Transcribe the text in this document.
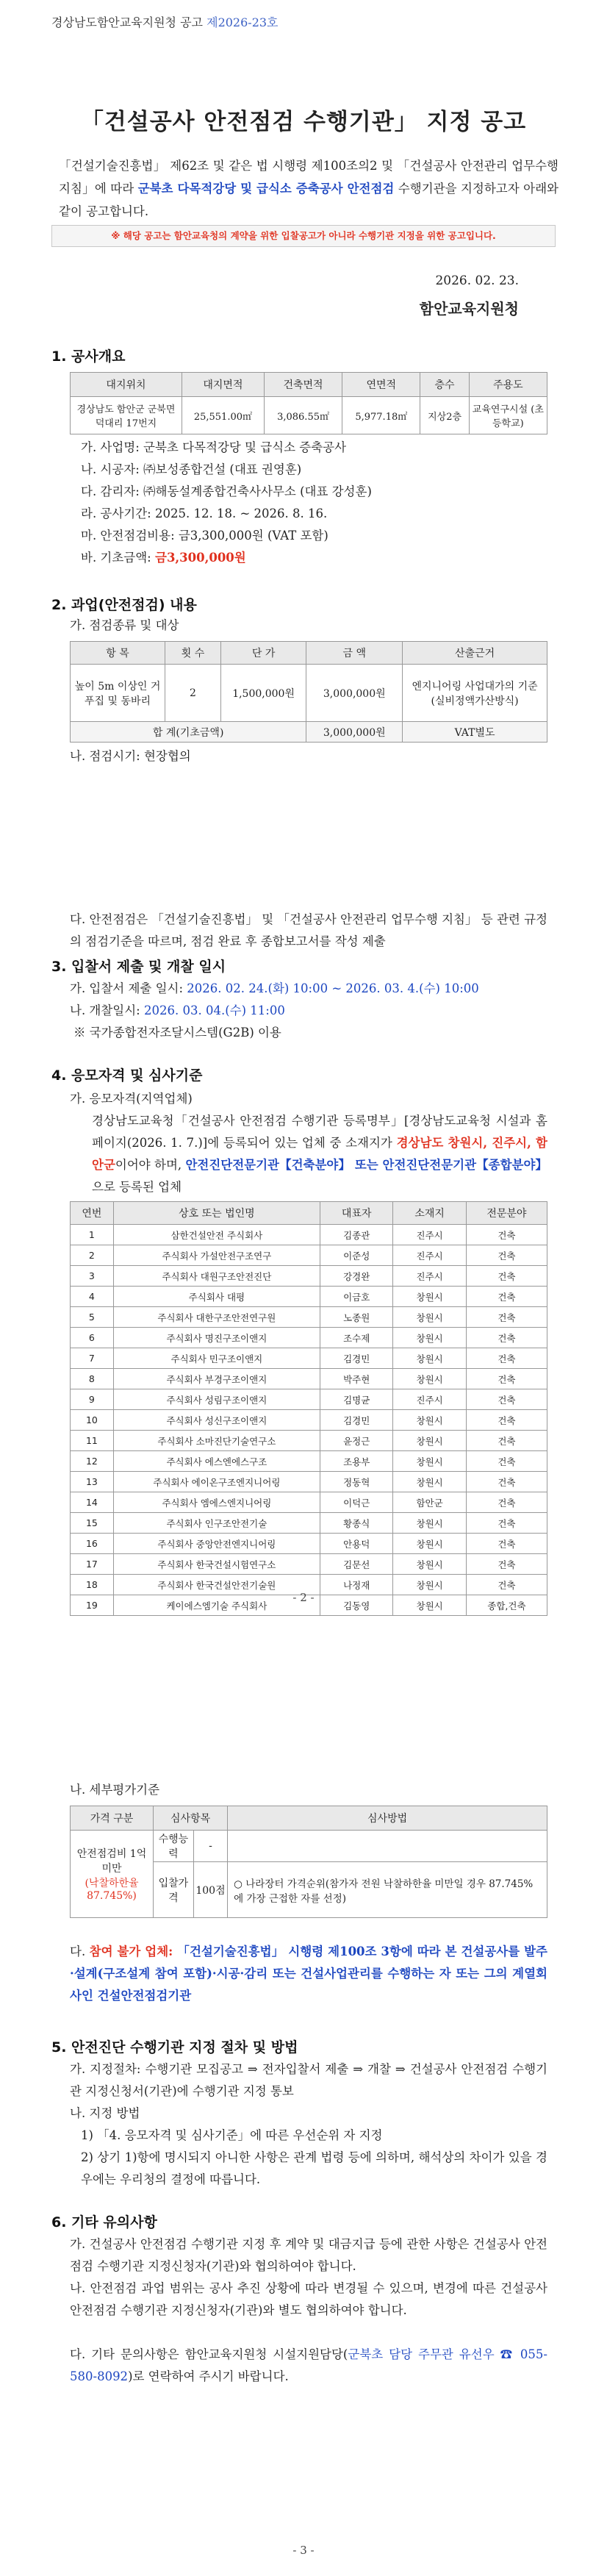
경상남도함안교육지원청 공고 제2026-23호
「건설공사 안전점검 수행기관」 지정 공고
「건설기술진흥법」 제62조 및 같은 법 시행령 제100조의2 및 「건설공사 안전관리 업무수행 지침」에 따라 군북초 다목적강당 및 급식소 증축공사 안전점검 수행기관을 지정하고자 아래와 같이 공고합니다.
※ 해당 공고는 함안교육청의 계약을 위한 입찰공고가 아니라 수행기관 지정을 위한 공고입니다.
2026. 02. 23.
함안교육지원청
1. 공사개요
대지위치	대지면적	건축면적	연면적	층수	주용도
경상남도 함안군 군북면 덕대리 17번지	25,551.00㎡	3,086.55㎡	5,977.18㎡	지상2층	교육연구시설 (초등학교)
가. 사업명: 군북초 다목적강당 및 급식소 증축공사
나. 시공자: ㈜보성종합건설 (대표 권영훈)
다. 감리자: ㈜해동설계종합건축사사무소 (대표 강성훈)
라. 공사기간: 2025. 12. 18. ~ 2026. 8. 16.
마. 안전점검비용: 금3,300,000원 (VAT 포함)
바. 기초금액: 금3,300,000원
2. 과업(안전점검) 내용
가. 점검종류 및 대상
항 목	횟 수	단 가	금 액	산출근거
높이 5m 이상인 거푸집 및 동바리	2	1,500,000원	3,000,000원	엔지니어링 사업대가의 기준 (실비정액가산방식)
합 계(기초금액)			3,000,000원	VAT별도
나. 점검시기: 현장협의
다. 안전점검은 「건설기술진흥법」 및 「건설공사 안전관리 업무수행 지침」 등 관련 규정의 점검기준을 따르며, 점검 완료 후 종합보고서를 작성 제출
3. 입찰서 제출 및 개찰 일시
가. 입찰서 제출 일시: 2026. 02. 24.(화) 10:00 ~ 2026. 03. 4.(수) 10:00
나. 개찰일시: 2026. 03. 04.(수) 11:00
※ 국가종합전자조달시스템(G2B) 이용
4. 응모자격 및 심사기준
가. 응모자격(지역업체)
경상남도교육청「건설공사 안전점검 수행기관 등록명부」[경상남도교육청 시설과 홈페이지(2026. 1. 7.)]에 등록되어 있는 업체 중 소재지가 경상남도 창원시, 진주시, 함안군이어야 하며, 안전진단전문기관【건축분야】 또는 안전진단전문기관【종합분야】으로 등록된 업체
연번	상호 또는 법인명	대표자	소재지	전문분야
1	삼한건설안전 주식회사	김종관	진주시	건축
2	주식회사 가설안전구조연구	이준성	진주시	건축
3	주식회사 대원구조안전진단	강경완	진주시	건축
4	주식회사 대평	이금호	창원시	건축
5	주식회사 대한구조안전연구원	노종원	창원시	건축
6	주식회사 명진구조이앤지	조수제	창원시	건축
7	주식회사 민구조이앤지	김경민	창원시	건축
8	주식회사 부경구조이앤지	박주현	창원시	건축
9	주식회사 성림구조이앤지	김명균	진주시	건축
10	주식회사 성신구조이앤지	김경민	창원시	건축
11	주식회사 소마진단기술연구소	윤정근	창원시	건축
12	주식회사 에스엔에스구조	조용부	창원시	건축
13	주식회사 에이온구조엔지니어링	정동혁	창원시	건축
14	주식회사 엠에스엔지니어링	이덕근	함안군	건축
15	주식회사 인구조안전기술	황종식	창원시	건축
16	주식회사 중앙안전엔지니어링	안용덕	창원시	건축
17	주식회사 한국건설시험연구소	김문선	창원시	건축
18	주식회사 한국건설안전기술원	나정재	창원시	건축
19	케이에스엠기술 주식회사	김동영	창원시	종합,건축
- 2 -
나. 세부평가기준
가격 구분	심사항목		심사방법
안전점검비 1억 미만
(낙찰하한율 87.745%)	수행능력	-	
	입찰가격	100점	○ 나라장터 가격순위(참가자 전원 낙찰하한율 미만일 경우 87.745%에 가장 근접한 자를 선정)
다. 참여 불가 업체: 「건설기술진흥법」 시행령 제100조 3항에 따라 본 건설공사를 발주·설계(구조설계 참여 포함)·시공·감리 또는 건설사업관리를 수행하는 자 또는 그의 계열회사인 건설안전점검기관
5. 안전진단 수행기관 지정 절차 및 방법
가. 지정절차: 수행기관 모집공고 ⇒ 전자입찰서 제출 ⇒ 개찰 ⇒ 건설공사 안전점검 수행기관 지정신청서(기관)에 수행기관 지정 통보
나. 지정 방법
1) 「4. 응모자격 및 심사기준」에 따른 우선순위 자 지정
2) 상기 1)항에 명시되지 아니한 사항은 관계 법령 등에 의하며, 해석상의 차이가 있을 경우에는 우리청의 결정에 따릅니다.
6. 기타 유의사항
가. 건설공사 안전점검 수행기관 지정 후 계약 및 대금지급 등에 관한 사항은 건설공사 안전점검 수행기관 지정신청자(기관)와 협의하여야 합니다.
나. 안전점검 과업 범위는 공사 추진 상황에 따라 변경될 수 있으며, 변경에 따른 건설공사 안전점검 수행기관 지정신청자(기관)와 별도 협의하여야 합니다.
다. 기타 문의사항은 함안교육지원청 시설지원담당(군북초 담당 주무관 유선우 ☎ 055-580-8092)로 연락하여 주시기 바랍니다.
- 3 -
